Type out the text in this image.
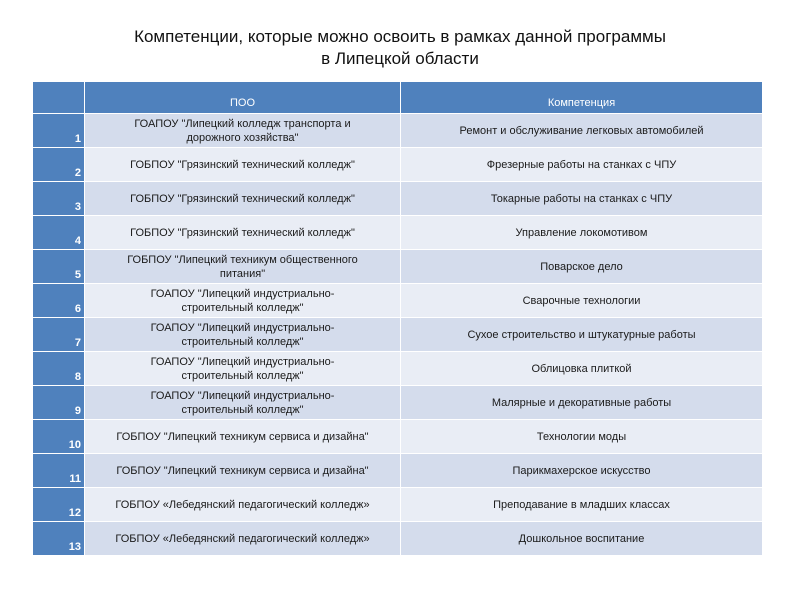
Компетенции, которые можно освоить в рамках данной программы
в Липецкой области
	ПОО	Компетенция
1	ГОАПОУ "Липецкий колледж транспорта и
дорожного хозяйства"	Ремонт и обслуживание легковых автомобилей
2	ГОБПОУ "Грязинский технический колледж"	Фрезерные работы на станках с ЧПУ
3	ГОБПОУ "Грязинский технический колледж"	Токарные работы на станках с ЧПУ
4	ГОБПОУ "Грязинский технический колледж"	Управление локомотивом
5	ГОБПОУ "Липецкий техникум общественного
питания"	Поварское дело
6	ГОАПОУ "Липецкий индустриально-
строительный колледж"	Сварочные технологии
7	ГОАПОУ "Липецкий индустриально-
строительный колледж"	Сухое строительство и штукатурные работы
8	ГОАПОУ "Липецкий индустриально-
строительный колледж"	Облицовка плиткой
9	ГОАПОУ "Липецкий индустриально-
строительный колледж"	Малярные и декоративные работы
10	ГОБПОУ "Липецкий техникум сервиса и дизайна"	Технологии моды
11	ГОБПОУ "Липецкий техникум сервиса и дизайна"	Парикмахерское искусство
12	ГОБПОУ «Лебедянский педагогический колледж»	Преподавание в младших классах
13	ГОБПОУ «Лебедянский педагогический колледж»	Дошкольное воспитание
